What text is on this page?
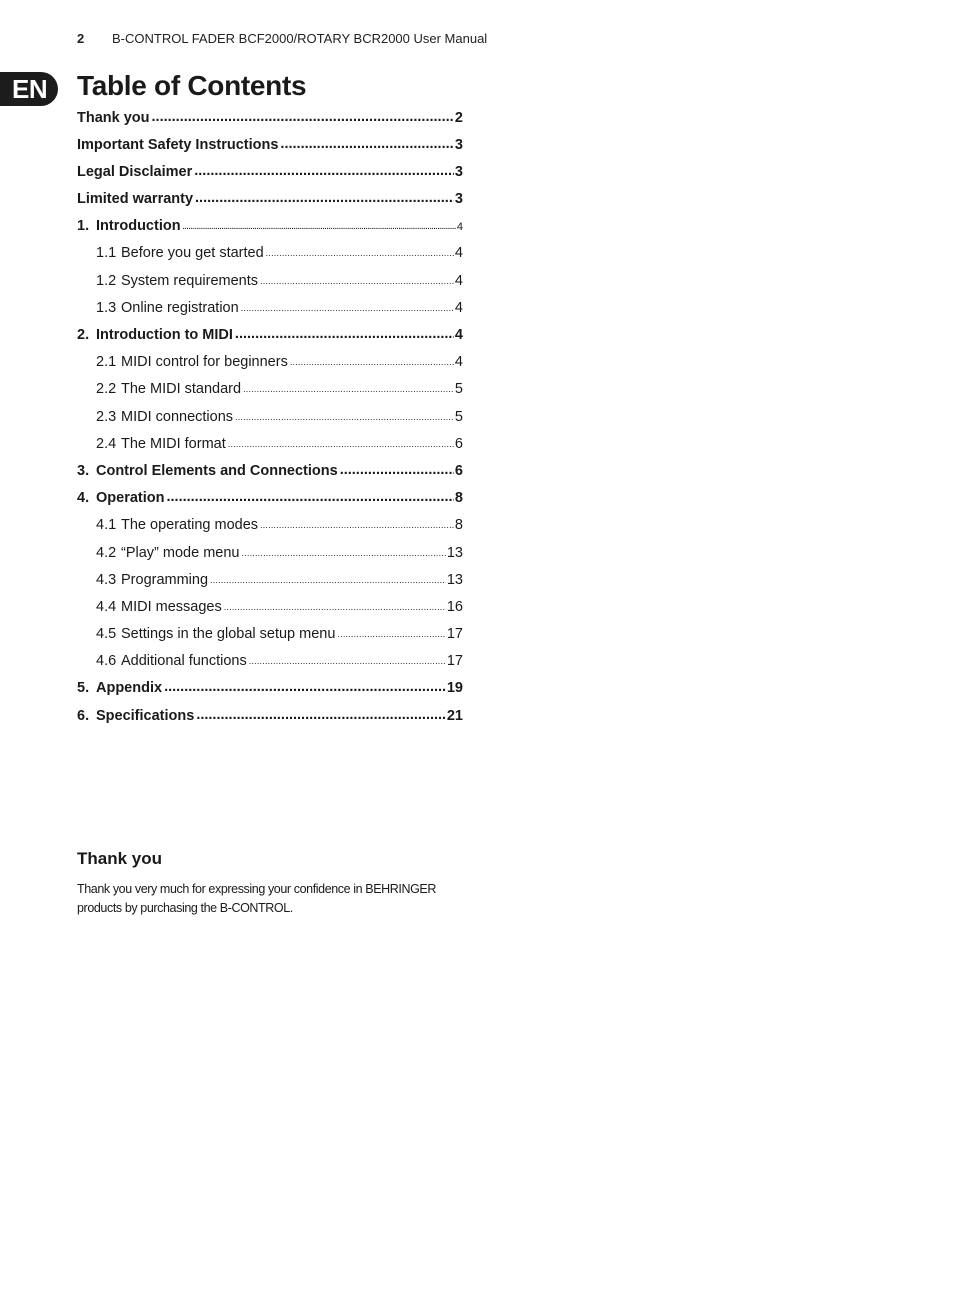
2	B-CONTROL FADER BCF2000/ROTARY BCR2000 User Manual
EN	Table of Contents
Thank you .....	2
Important Safety Instructions .....	3
Legal Disclaimer .....	3
Limited warranty .....	3
1. Introduction .....	4
1.1 Before you get started .....	4
1.2 System requirements .....	4
1.3 Online registration .....	4
2. Introduction to MIDI .....	4
2.1 MIDI control for beginners .....	4
2.2 The MIDI standard .....	5
2.3 MIDI connections .....	5
2.4 The MIDI format .....	6
3. Control Elements and Connections .....	6
4. Operation .....	8
4.1 The operating modes .....	8
4.2 “Play” mode menu .....	13
4.3 Programming .....	13
4.4 MIDI messages .....	16
4.5 Settings in the global setup menu .....	17
4.6 Additional functions .....	17
5. Appendix .....	19
6. Specifications .....	21
Thank you

Thank you very much for expressing your confidence in BEHRINGER products by purchasing the B-CONTROL.
